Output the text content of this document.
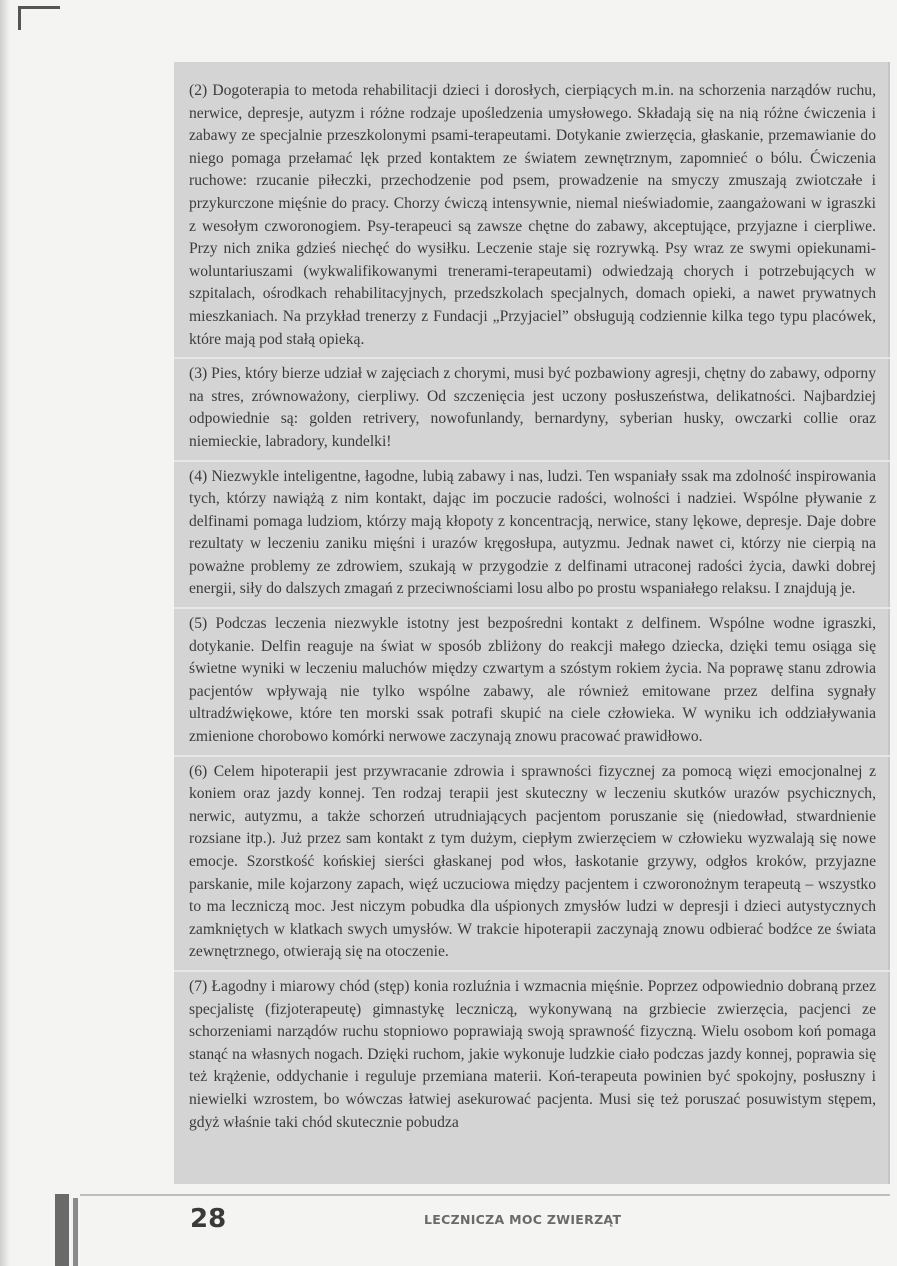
(2) Dogoterapia to metoda rehabilitacji dzieci i dorosłych, cierpiących m.in. na schorzenia narządów ruchu, nerwice, depresje, autyzm i różne rodzaje upośledzenia umysłowego. Składają się na nią różne ćwiczenia i zabawy ze specjalnie przeszkolonymi psami-terapeutami. Dotykanie zwierzęcia, głaskanie, przemawianie do niego pomaga przełamać lęk przed kontaktem ze światem zewnętrznym, zapomnieć o bólu. Ćwiczenia ruchowe: rzucanie piłeczki, przechodzenie pod psem, prowadzenie na smyczy zmuszają zwiotczałe i przykurczone mięśnie do pracy. Chorzy ćwiczą intensywnie, niemal nieświadomie, zaangażowani w igraszki z wesołym czworonogiem. Psy-terapeuci są zawsze chętne do zabawy, akceptujące, przyjazne i cierpliwe. Przy nich znika gdzieś niechęć do wysiłku. Leczenie staje się rozrywką. Psy wraz ze swymi opiekunami-woluntariuszami (wykwalifikowanymi trenerami-terapeutami) odwiedzają chorych i potrzebujących w szpitalach, ośrodkach rehabilitacyjnych, przedszkolach specjalnych, domach opieki, a nawet prywatnych mieszkaniach. Na przykład trenerzy z Fundacji „Przyjaciel” obsługują codziennie kilka tego typu placówek, które mają pod stałą opieką.

(3) Pies, który bierze udział w zajęciach z chorymi, musi być pozbawiony agresji, chętny do zabawy, odporny na stres, zrównoważony, cierpliwy. Od szczenięcia jest uczony posłuszeństwa, delikatności. Najbardziej odpowiednie są: golden retrivery, nowofunlandy, bernardyny, syberian husky, owczarki collie oraz niemieckie, labradory, kundelki!

(4) Niezwykle inteligentne, łagodne, lubią zabawy i nas, ludzi. Ten wspaniały ssak ma zdolność inspirowania tych, którzy nawiążą z nim kontakt, dając im poczucie radości, wolności i nadziei. Wspólne pływanie z delfinami pomaga ludziom, którzy mają kłopoty z koncentracją, nerwice, stany lękowe, depresje. Daje dobre rezultaty w leczeniu zaniku mięśni i urazów kręgosłupa, autyzmu. Jednak nawet ci, którzy nie cierpią na poważne problemy ze zdrowiem, szukają w przygodzie z delfinami utraconej radości życia, dawki dobrej energii, siły do dalszych zmagań z przeciwnościami losu albo po prostu wspaniałego relaksu. I znajdują je.

(5) Podczas leczenia niezwykle istotny jest bezpośredni kontakt z delfinem. Wspólne wodne igraszki, dotykanie. Delfin reaguje na świat w sposób zbliżony do reakcji małego dziecka, dzięki temu osiąga się świetne wyniki w leczeniu maluchów między czwartym a szóstym rokiem życia. Na poprawę stanu zdrowia pacjentów wpływają nie tylko wspólne zabawy, ale również emitowane przez delfina sygnały ultradźwiękowe, które ten morski ssak potrafi skupić na ciele człowieka. W wyniku ich oddziaływania zmienione chorobowo komórki nerwowe zaczynają znowu pracować prawidłowo.

(6) Celem hipoterapii jest przywracanie zdrowia i sprawności fizycznej za pomocą więzi emocjonalnej z koniem oraz jazdy konnej. Ten rodzaj terapii jest skuteczny w leczeniu skutków urazów psychicznych, nerwic, autyzmu, a także schorzeń utrudniających pacjentom poruszanie się (niedowład, stwardnienie rozsiane itp.). Już przez sam kontakt z tym dużym, ciepłym zwierzęciem w człowieku wyzwalają się nowe emocje. Szorstkość końskiej sierści głaskanej pod włos, łaskotanie grzywy, odgłos kroków, przyjazne parskanie, mile kojarzony zapach, więź uczuciowa między pacjentem i czworonożnym terapeutą – wszystko to ma leczniczą moc. Jest niczym pobudka dla uśpionych zmysłów ludzi w depresji i dzieci autystycznych zamkniętych w klatkach swych umysłów. W trakcie hipoterapii zaczynają znowu odbierać bodźce ze świata zewnętrznego, otwierają się na otoczenie.

(7) Łagodny i miarowy chód (stęp) konia rozluźnia i wzmacnia mięśnie. Poprzez odpowiednio dobraną przez specjalistę (fizjoterapeutę) gimnastykę leczniczą, wykonywaną na grzbiecie zwierzęcia, pacjenci ze schorzeniami narządów ruchu stopniowo poprawiają swoją sprawność fizyczną. Wielu osobom koń pomaga stanąć na własnych nogach. Dzięki ruchom, jakie wykonuje ludzkie ciało podczas jazdy konnej, poprawia się też krążenie, oddychanie i reguluje przemiana materii. Koń-terapeuta powinien być spokojny, posłuszny i niewielki wzrostem, bo wówczas łatwiej asekurować pacjenta. Musi się też poruszać posuwistym stępem, gdyż właśnie taki chód skutecznie pobudza

28	LECZNICZA MOC ZWIERZĄT
